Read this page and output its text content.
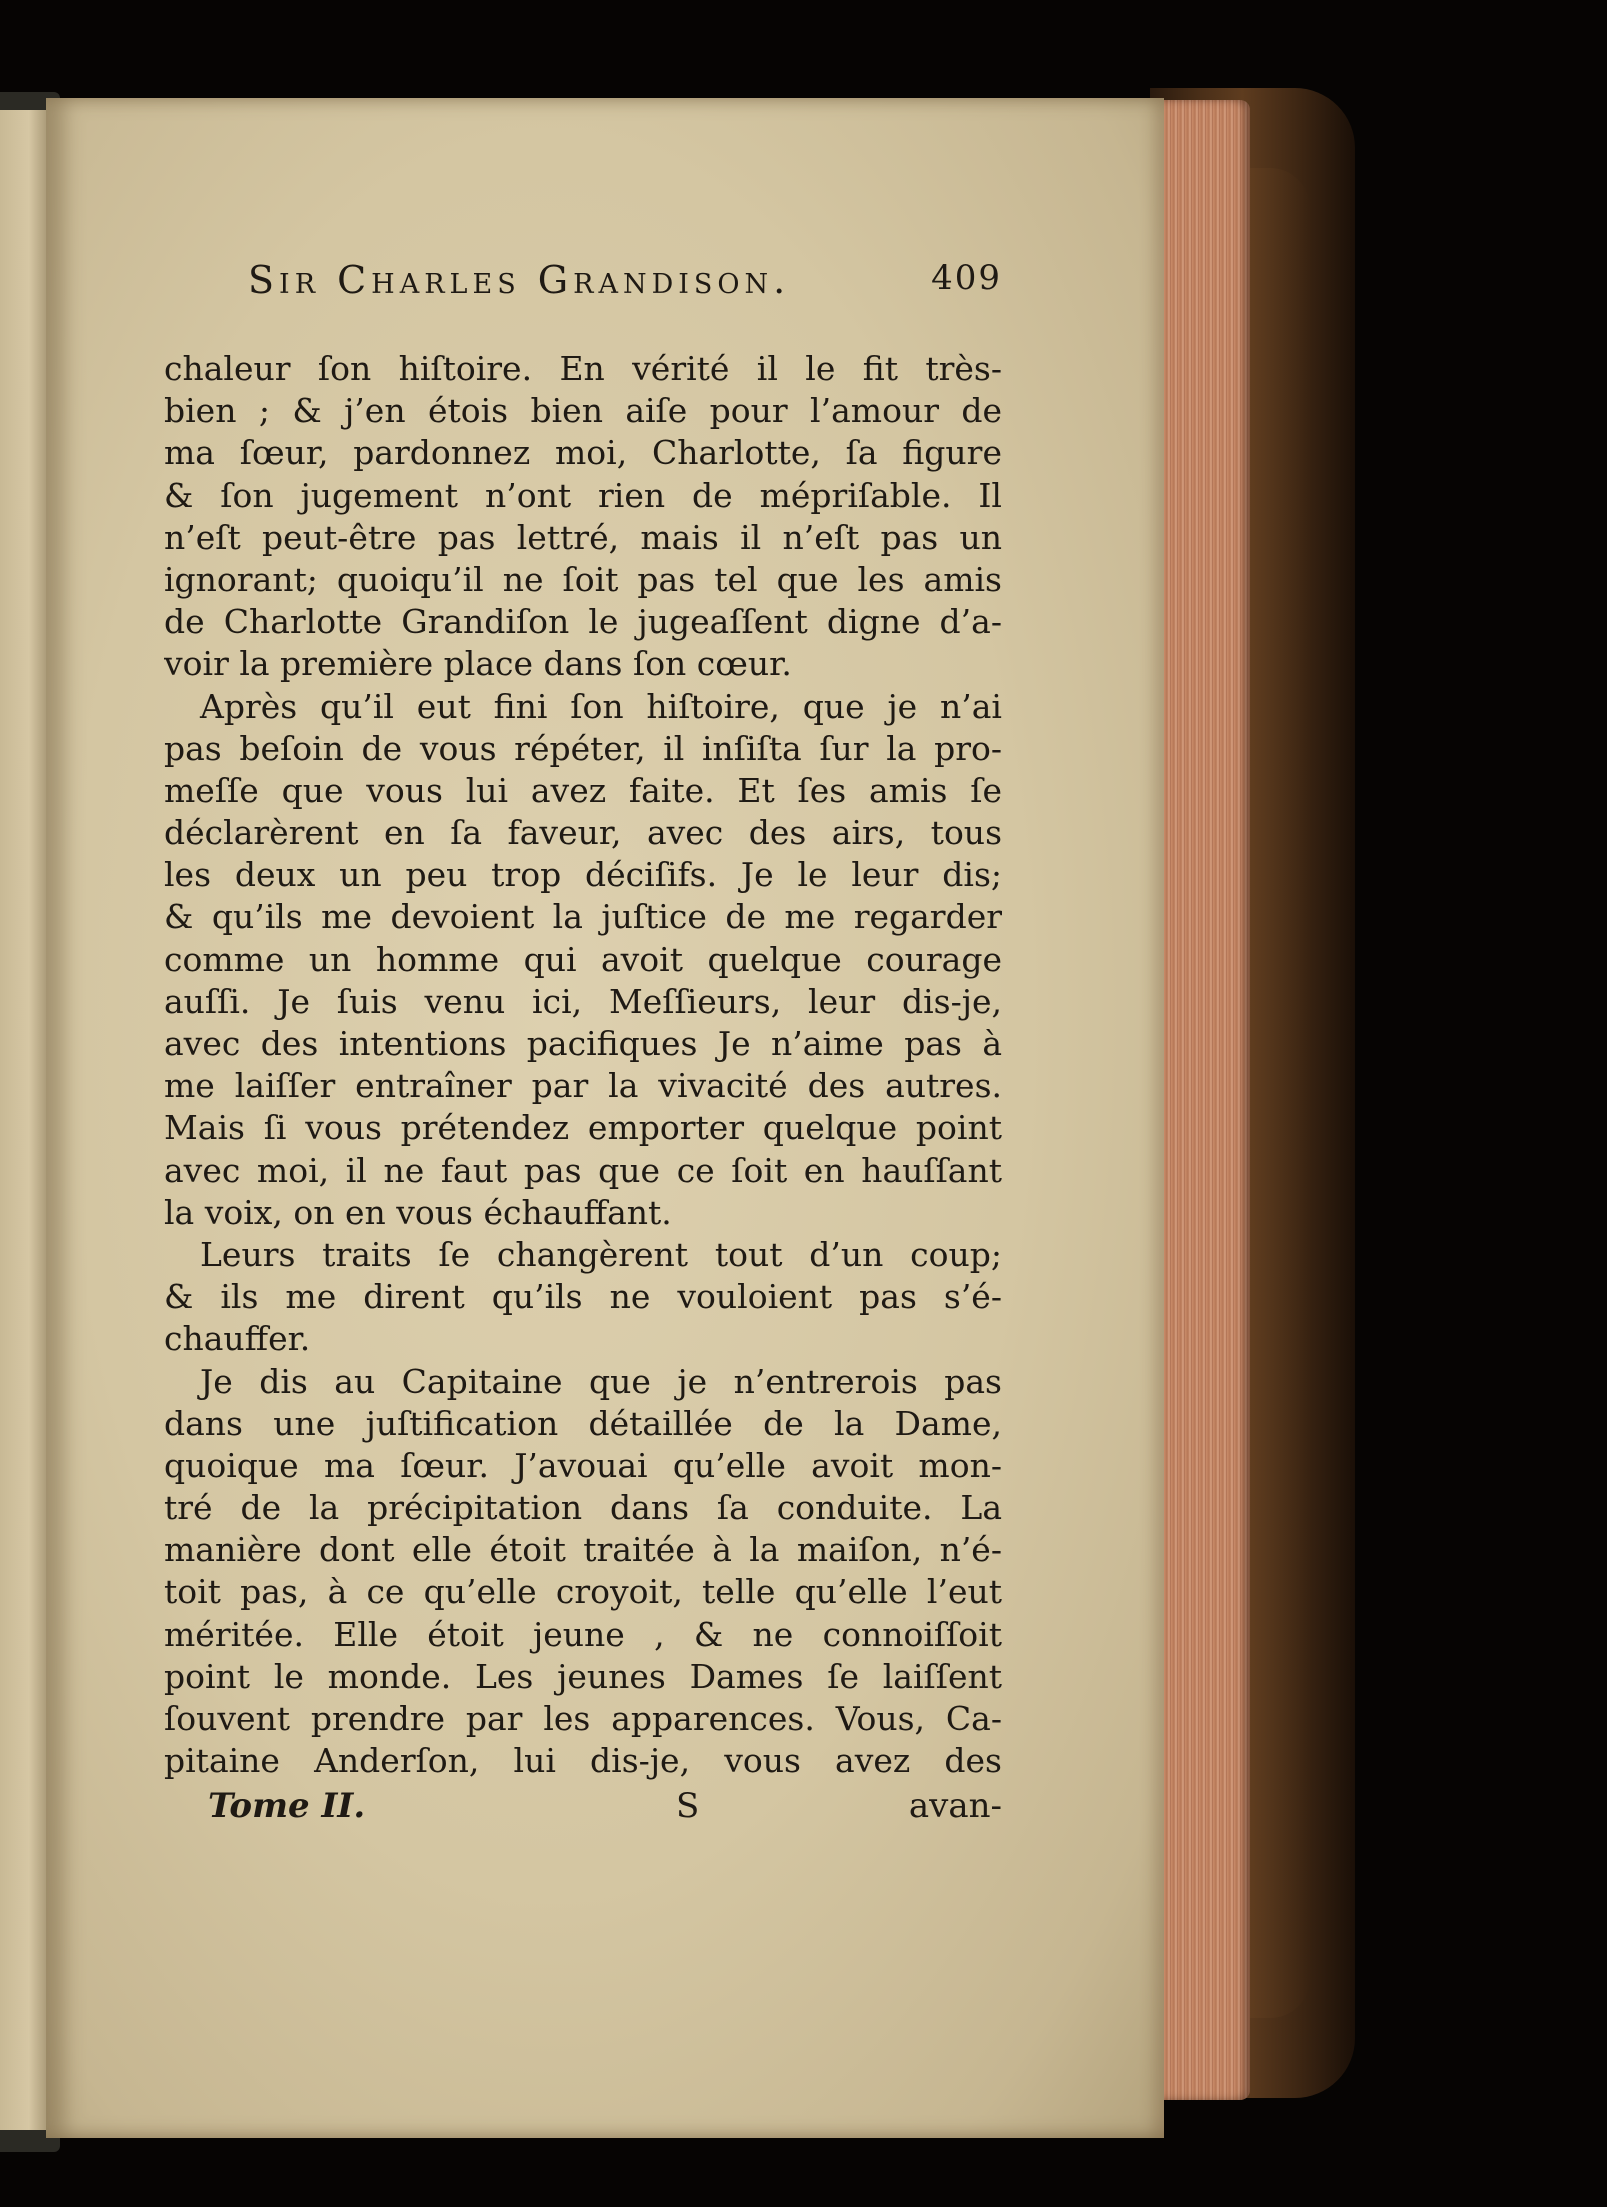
Sir Charles Grandison.	409
chaleur ſon hiſtoire. En vérité il le fit très-
bien ; & j’en étois bien aiſe pour l’amour de
ma ſœur, pardonnez moi, Charlotte, ſa figure
& ſon jugement n’ont rien de mépriſable. Il
n’eſt peut-être pas lettré, mais il n’eſt pas un
ignorant; quoiqu’il ne ſoit pas tel que les amis
de Charlotte Grandiſon le jugeaſſent digne d’a-
voir la première place dans ſon cœur.
Après qu’il eut fini ſon hiſtoire, que je n’ai
pas beſoin de vous répéter, il inſiſta ſur la pro-
meſſe que vous lui avez faite. Et ſes amis ſe
déclarèrent en ſa faveur, avec des airs, tous
les deux un peu trop déciſifs. Je le leur dis;
& qu’ils me devoient la juſtice de me regarder
comme un homme qui avoit quelque courage
auſſi. Je ſuis venu ici, Meſſieurs, leur dis-je,
avec des intentions pacifiques Je n’aime pas à
me laiſſer entraîner par la vivacité des autres.
Mais ſi vous prétendez emporter quelque point
avec moi, il ne faut pas que ce ſoit en hauſſant
la voix, on en vous échauffant.
Leurs traits ſe changèrent tout d’un coup;
& ils me dirent qu’ils ne vouloient pas s’é-
chauffer.
Je dis au Capitaine que je n’entrerois pas
dans une juſtification détaillée de la Dame,
quoique ma ſœur. J’avouai qu’elle avoit mon-
tré de la précipitation dans ſa conduite. La
manière dont elle étoit traitée à la maiſon, n’é-
toit pas, à ce qu’elle croyoit, telle qu’elle l’eut
méritée. Elle étoit jeune , & ne connoiſſoit
point le monde. Les jeunes Dames ſe laiſſent
ſouvent prendre par les apparences. Vous, Ca-
pitaine Anderſon, lui dis-je, vous avez des
Tome II.	S	avan-
